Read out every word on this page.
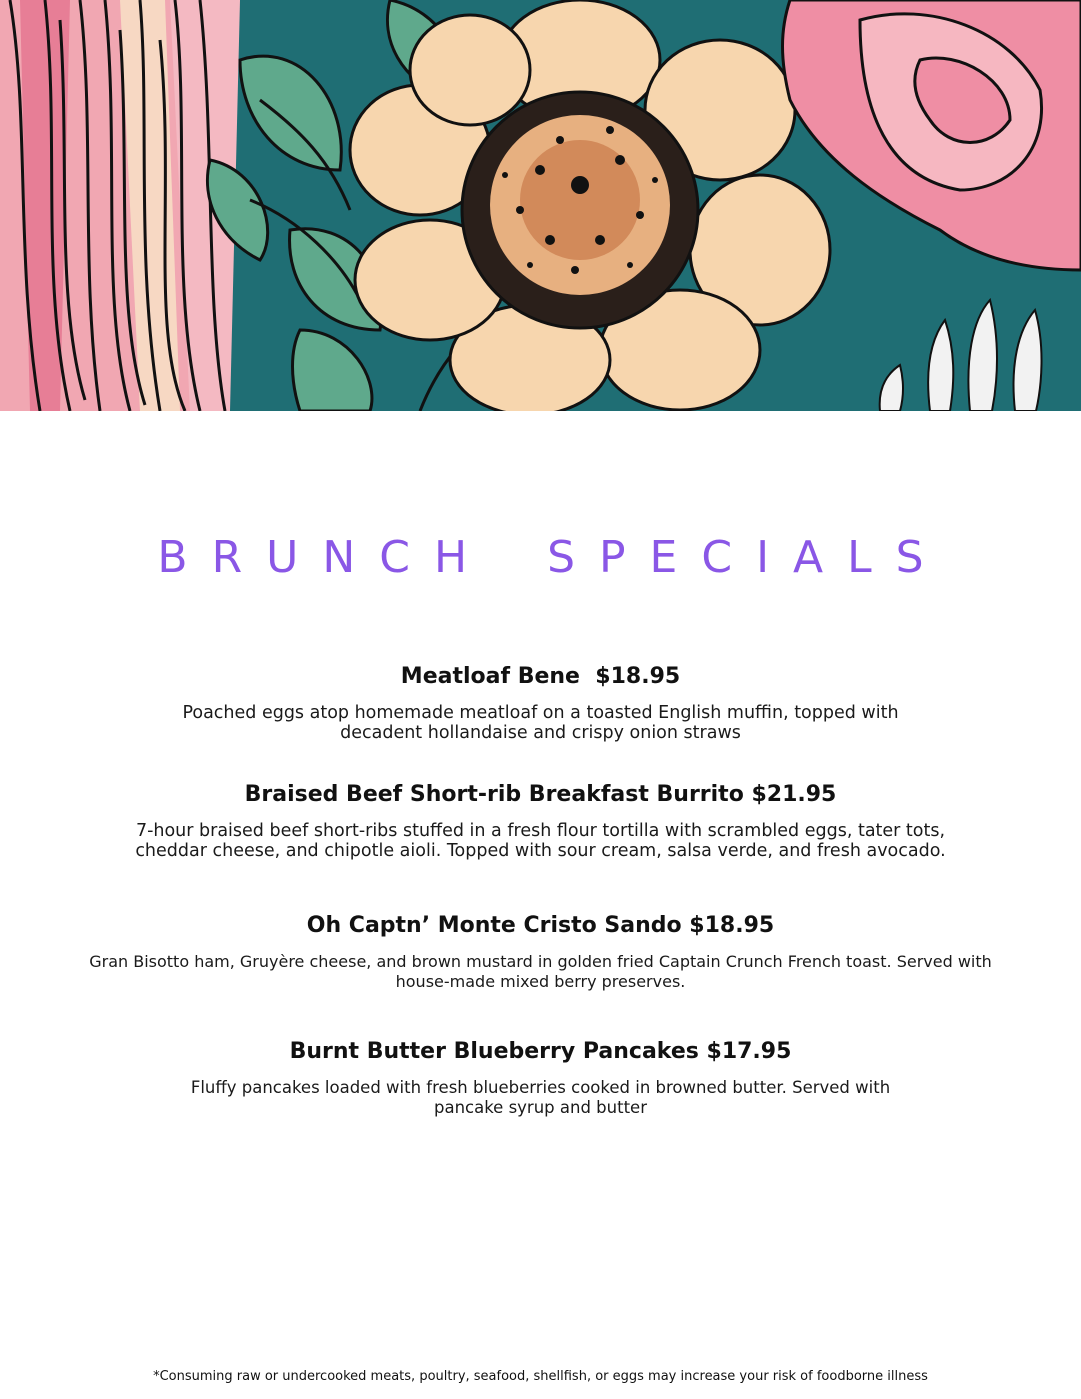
BRUNCH SPECIALS

Meatloaf Bene  $18.95

Poached eggs atop homemade meatloaf on a toasted English muffin, topped with decadent hollandaise and crispy onion straws

Braised Beef Short-rib Breakfast Burrito $21.95

7-hour braised beef short-ribs stuffed in a fresh flour tortilla with scrambled eggs, tater tots, cheddar cheese, and chipotle aioli. Topped with sour cream, salsa verde, and fresh avocado.

Oh Captn’ Monte Cristo Sando $18.95

Gran Bisotto ham, Gruyère cheese, and brown mustard in golden fried Captain Crunch French toast. Served with house-made mixed berry preserves.

Burnt Butter Blueberry Pancakes $17.95

Fluffy pancakes loaded with fresh blueberries cooked in browned butter. Served with pancake syrup and butter

*Consuming raw or undercooked meats, poultry, seafood, shellfish, or eggs may increase your risk of foodborne illness
